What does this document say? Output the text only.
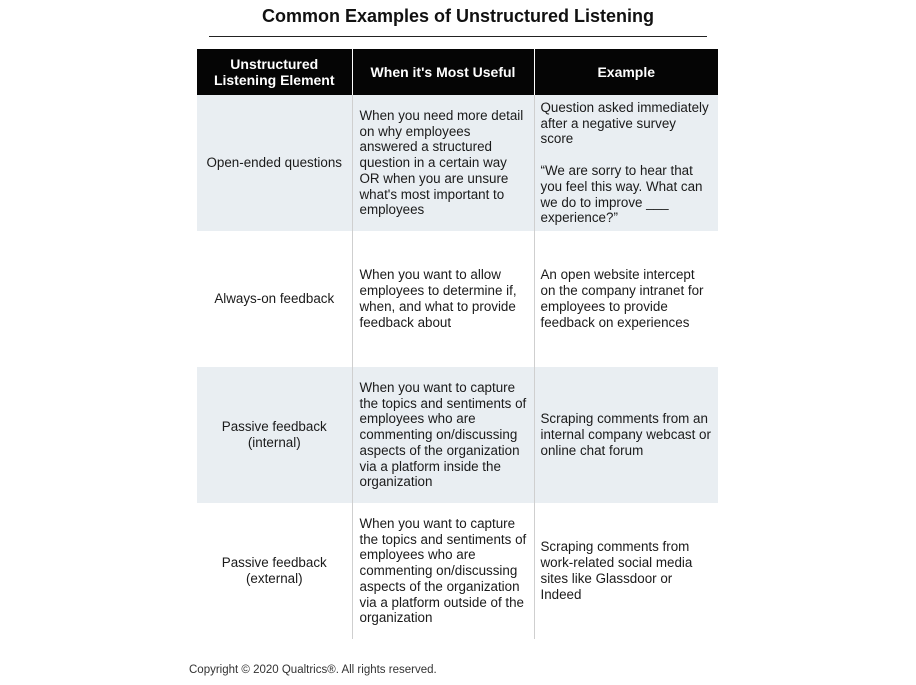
Common Examples of Unstructured Listening
Unstructured Listening Element	When it's Most Useful	Example
Open-ended questions	When you need more detail on why employees answered a structured question in a certain way OR when you are unsure what's most important to employees	Question asked immediately after a negative survey score
“We are sorry to hear that you feel this way. What can we do to improve ___ experience?”

Always-on feedback	When you want to allow employees to determine if, when, and what to provide feedback about	An open website intercept on the company intranet for employees to provide feedback on experiences

Passive feedback (internal)	When you want to capture the topics and sentiments of employees who are commenting on/discussing aspects of the organization via a platform inside the organization	Scraping comments from an internal company webcast or online chat forum

Passive feedback (external)	When you want to capture the topics and sentiments of employees who are commenting on/discussing aspects of the organization via a platform outside of the organization	Scraping comments from work-related social media sites like Glassdoor or Indeed
Copyright © 2020 Qualtrics®. All rights reserved.
